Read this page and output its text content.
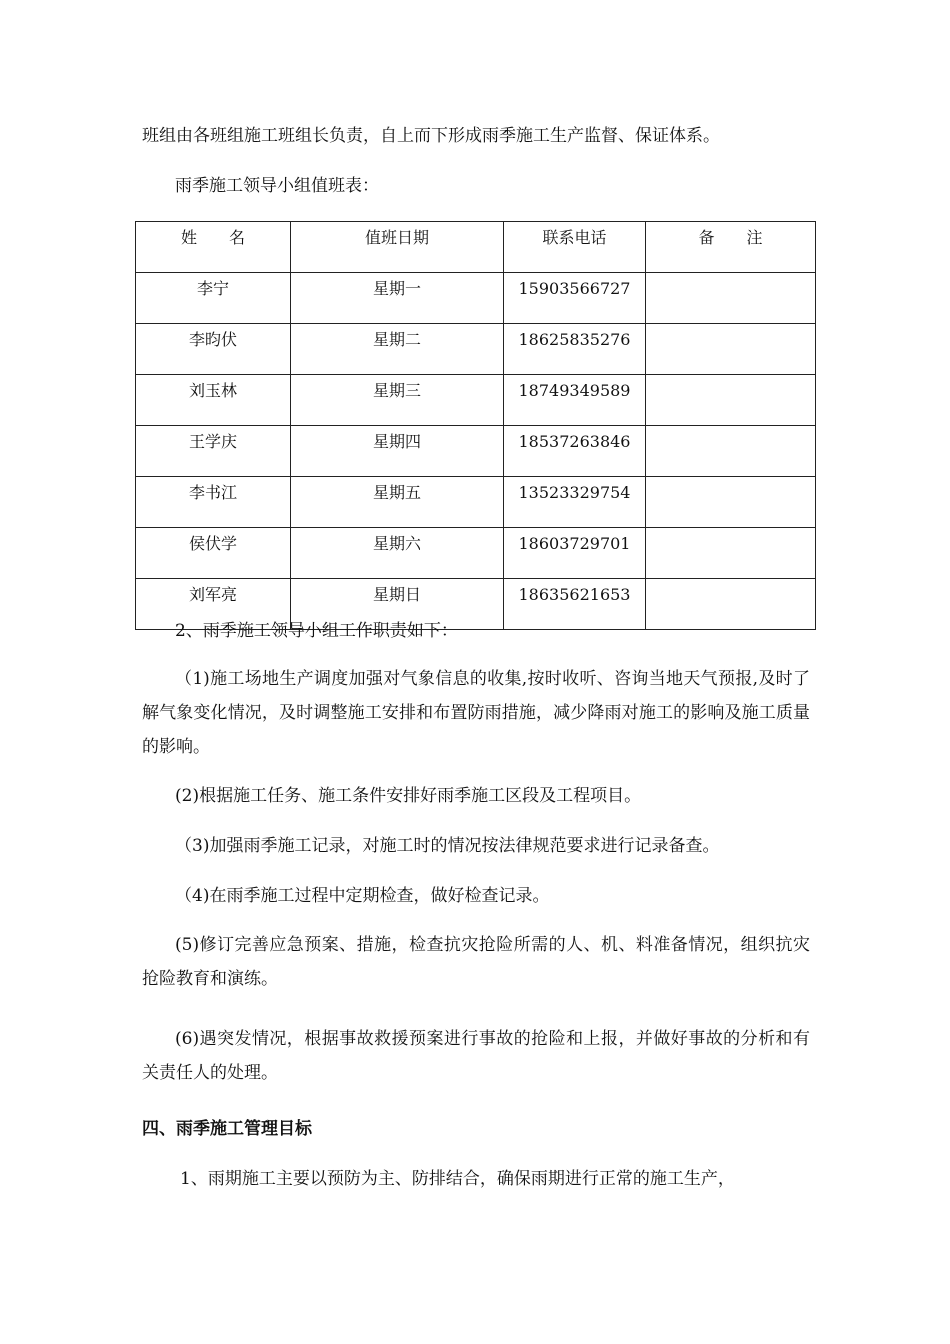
班组由各班组施工班组长负责，自上而下形成雨季施工生产监督、保证体系。
雨季施工领导小组值班表：
姓　　名	值班日期	联系电话	备　　注
李宁	星期一	15903566727	
李昀伏	星期二	18625835276	
刘玉林	星期三	18749349589	
王学庆	星期四	18537263846	
李书江	星期五	13523329754	
侯伏学	星期六	18603729701	
刘军亮	星期日	18635621653	
2、雨季施工领导小组工作职责如下：
（1)施工场地生产调度加强对气象信息的收集,按时收听、咨询当地天气预报,及时了解气象变化情况，及时调整施工安排和布置防雨措施，减少降雨对施工的影响及施工质量的影响。
(2)根据施工任务、施工条件安排好雨季施工区段及工程项目。
（3)加强雨季施工记录，对施工时的情况按法律规范要求进行记录备查。
（4)在雨季施工过程中定期检查，做好检查记录。
(5)修订完善应急预案、措施，检查抗灾抢险所需的人、机、料准备情况，组织抗灾抢险教育和演练。
(6)遇突发情况，根据事故救援预案进行事故的抢险和上报，并做好事故的分析和有关责任人的处理。
四、雨季施工管理目标
1、雨期施工主要以预防为主、防排结合，确保雨期进行正常的施工生产，
